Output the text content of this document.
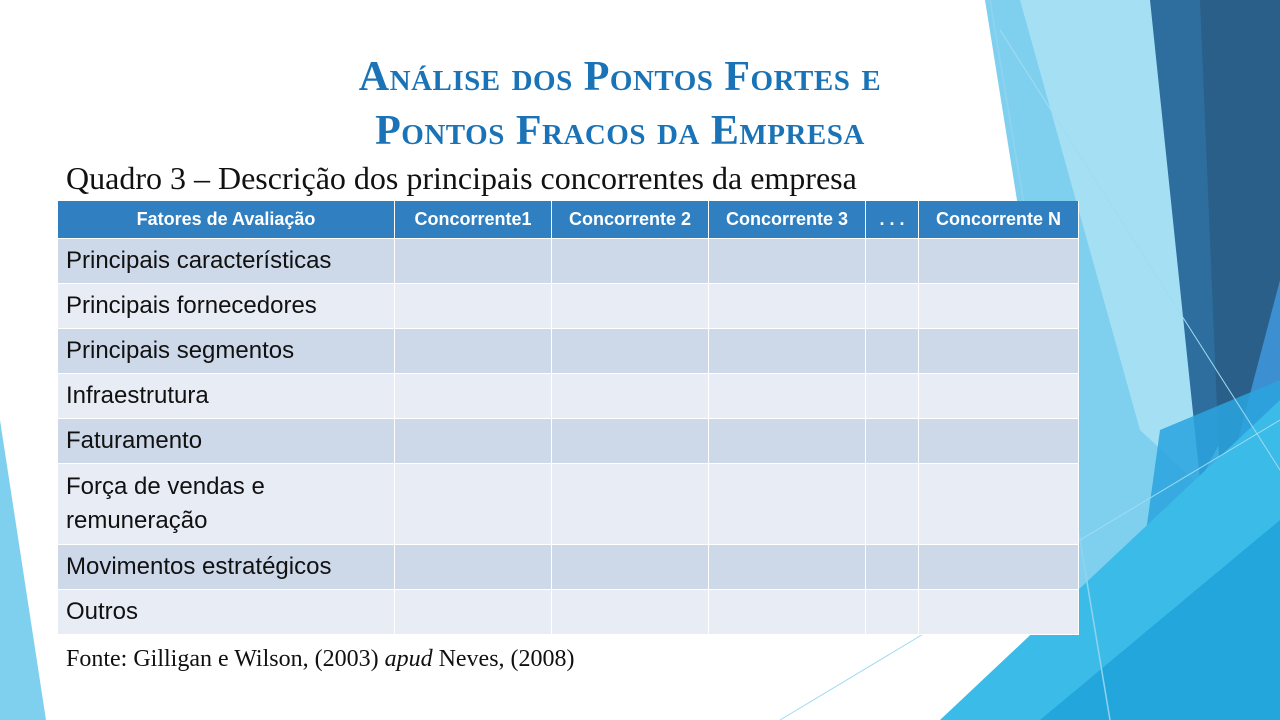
Análise dos Pontos Fortes e
Pontos Fracos da Empresa
Quadro 3 – Descrição dos principais concorrentes da empresa
Fatores de Avaliação	Concorrente1	Concorrente 2	Concorrente 3	. . .	Concorrente N
Principais características					
Principais fornecedores					
Principais segmentos					
Infraestrutura					
Faturamento					
Força de vendas e remuneração					
Movimentos estratégicos					
Outros					
Fonte: Gilligan e Wilson, (2003) apud Neves, (2008)
